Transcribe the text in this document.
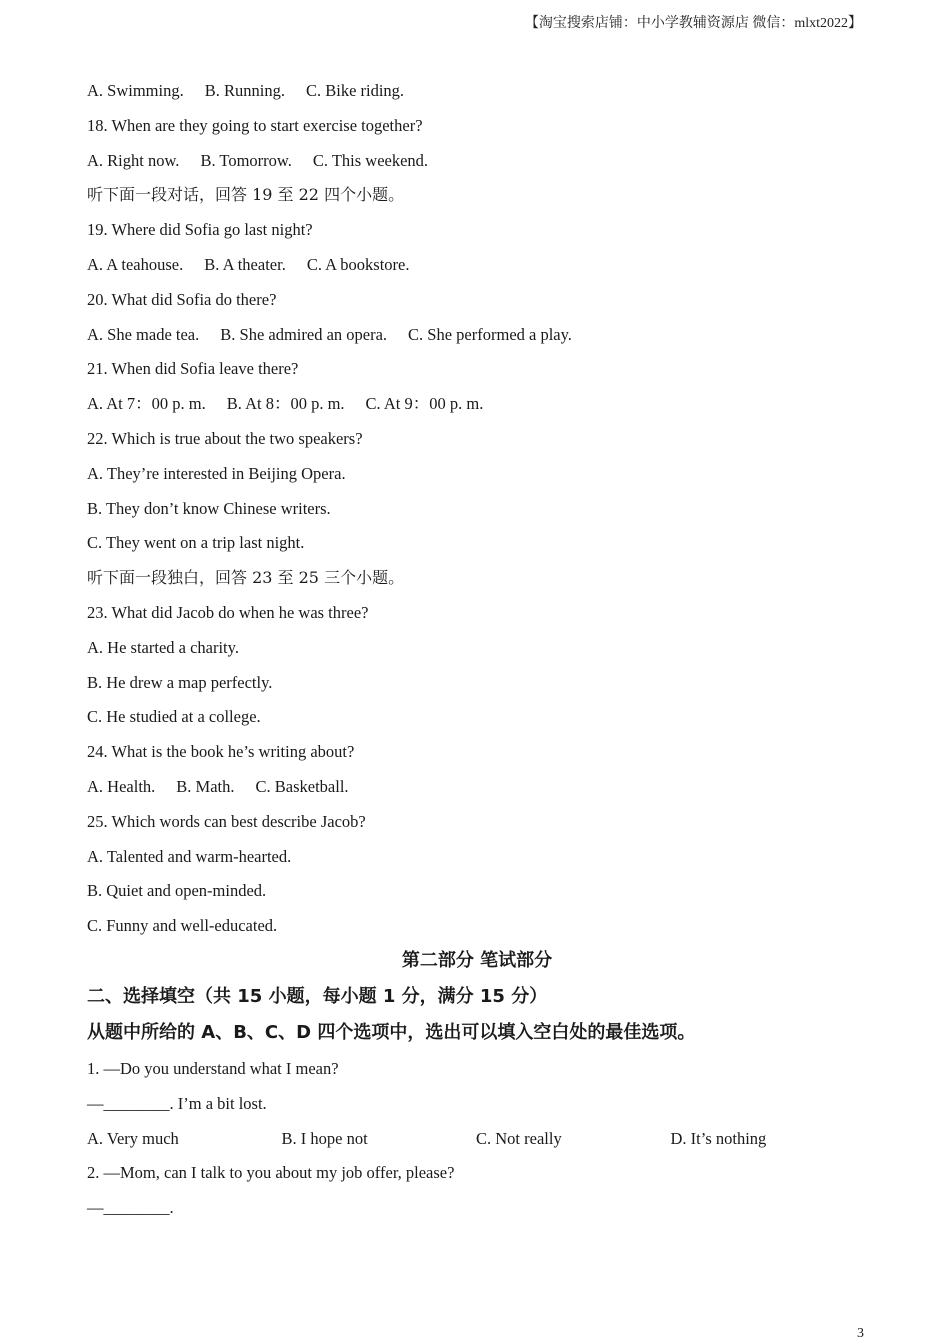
【淘宝搜索店铺：中小学教辅资源店 微信：mlxt2022】
A. Swimming. B. Running. C. Bike riding.
18. When are they going to start exercise together?
A. Right now. B. Tomorrow. C. This weekend.
听下面一段对话，回答 19 至 22 四个小题。
19. Where did Sofia go last night?
A. A teahouse. B. A theater. C. A bookstore.
20. What did Sofia do there?
A. She made tea. B. She admired an opera. C. She performed a play.
21. When did Sofia leave there?
A. At 7：00 p. m. B. At 8：00 p. m. C. At 9：00 p. m.
22. Which is true about the two speakers?
A. They’re interested in Beijing Opera.
B. They don’t know Chinese writers.
C. They went on a trip last night.
听下面一段独白，回答 23 至 25 三个小题。
23. What did Jacob do when he was three?
A. He started a charity.
B. He drew a map perfectly.
C. He studied at a college.
24. What is the book he’s writing about?
A. Health. B. Math. C. Basketball.
25. Which words can best describe Jacob?
A. Talented and warm-hearted.
B. Quiet and open-minded.
C. Funny and well-educated.
第二部分 笔试部分
二、选择填空（共 15 小题，每小题 1 分，满分 15 分）
从题中所给的 A、B、C、D 四个选项中，选出可以填入空白处的最佳选项。
1. —Do you understand what I mean?
—________. I’m a bit lost.
A. Very much	B. I hope not	C. Not really	D. It’s nothing
2. —Mom, can I talk to you about my job offer, please?
—________.
3
